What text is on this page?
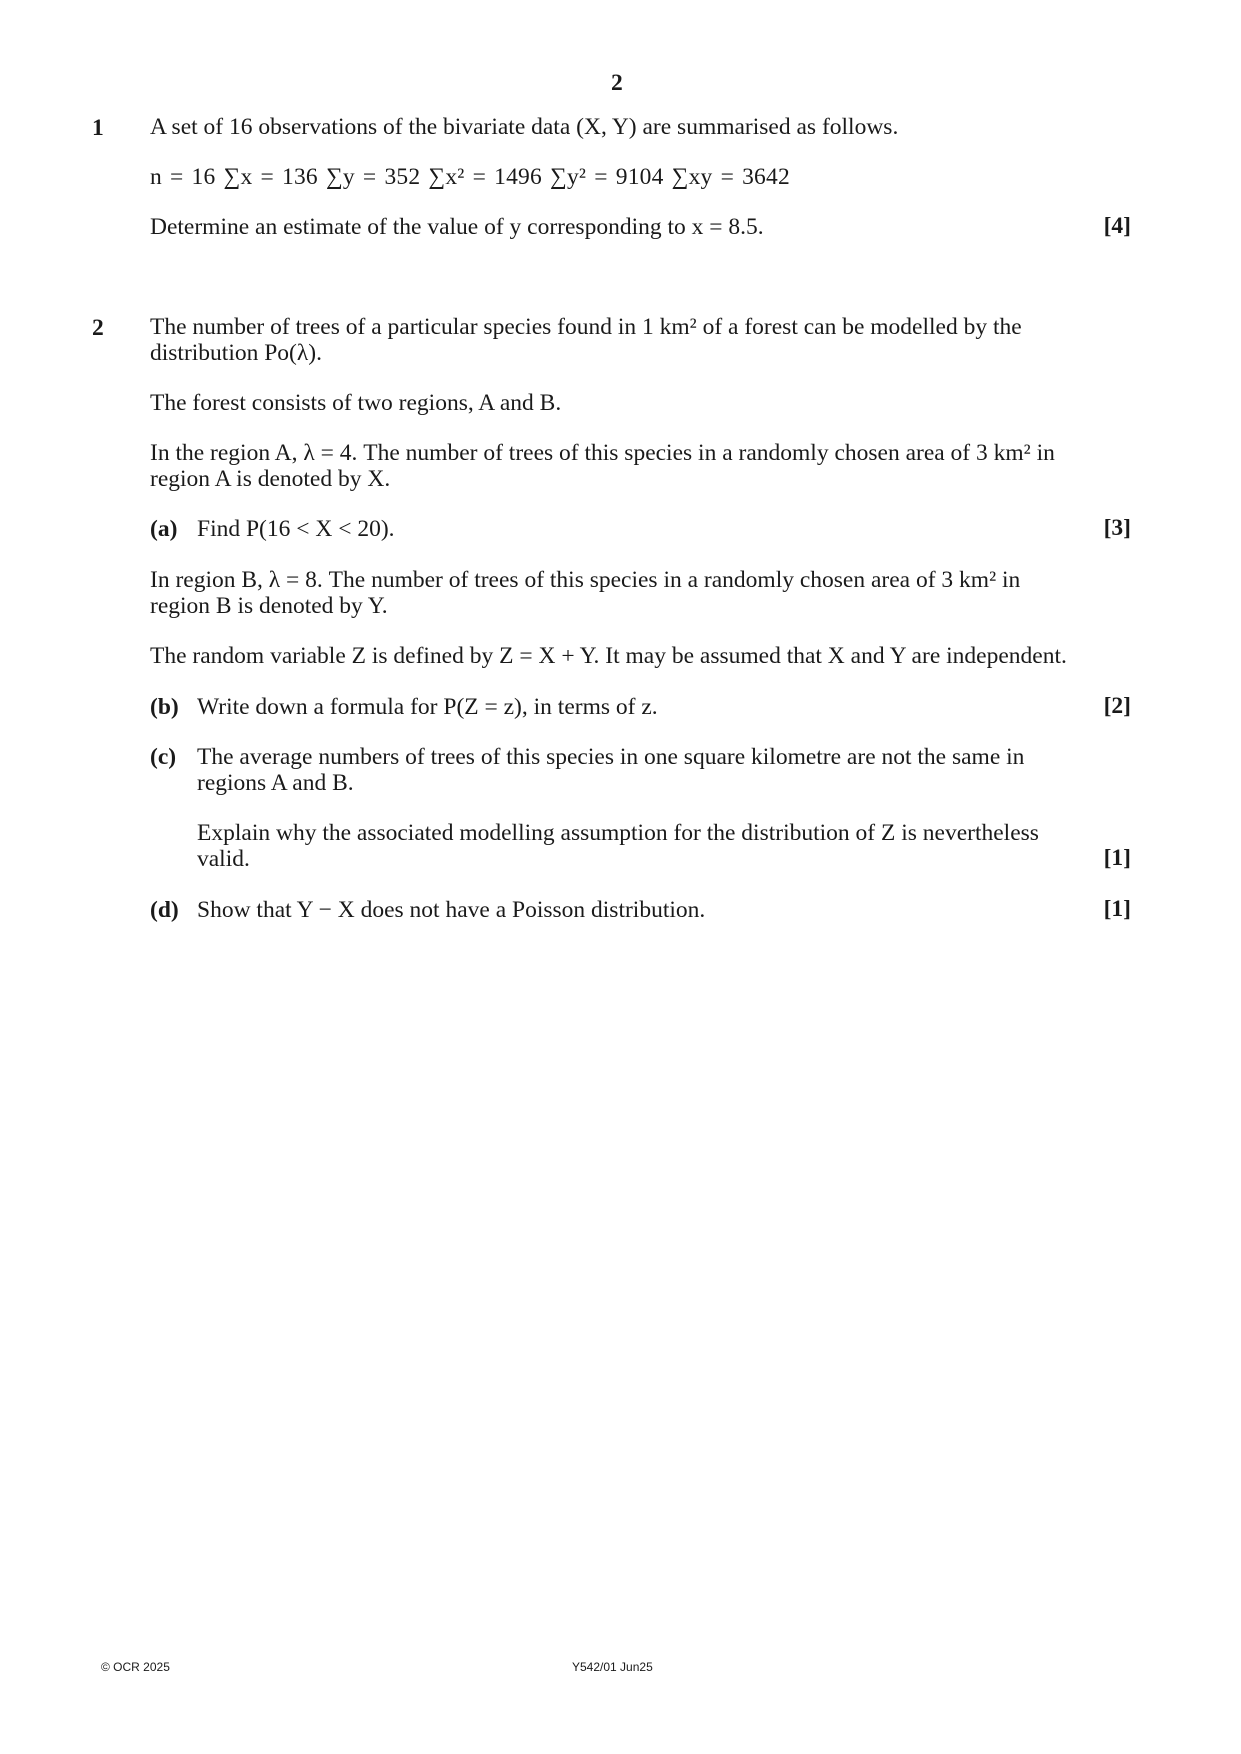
2
1 A set of 16 observations of the bivariate data (X, Y) are summarised as follows.
n = 16 ∑x = 136 ∑y = 352 ∑x² = 1496 ∑y² = 9104 ∑xy = 3642
Determine an estimate of the value of y corresponding to x = 8.5.	[4]
2 The number of trees of a particular species found in 1 km² of a forest can be modelled by the
distribution Po(λ).
The forest consists of two regions, A and B.
In the region A, λ = 4. The number of trees of this species in a randomly chosen area of 3 km² in
region A is denoted by X.
(a) Find P(16 < X < 20).	[3]
In region B, λ = 8. The number of trees of this species in a randomly chosen area of 3 km² in
region B is denoted by Y.
The random variable Z is defined by Z = X + Y. It may be assumed that X and Y are independent.
(b) Write down a formula for P(Z = z), in terms of z.	[2]
(c) The average numbers of trees of this species in one square kilometre are not the same in
regions A and B.
Explain why the associated modelling assumption for the distribution of Z is nevertheless
valid.	[1]
(d) Show that Y − X does not have a Poisson distribution.	[1]
© OCR 2025	Y542/01 Jun25
